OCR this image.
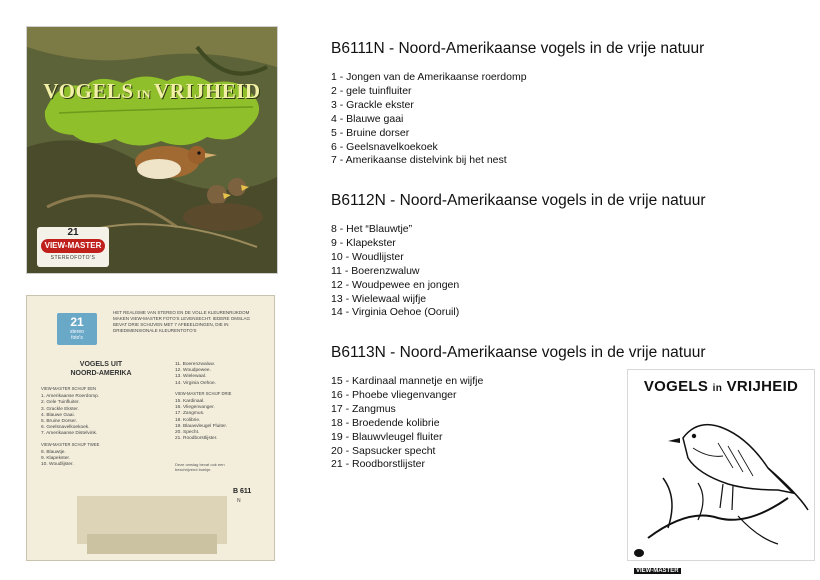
VOGELS IN VRIJHEID
21
VIEW-MASTER
STEREOFOTO'S
21
stereo
foto's
HET REALISME VAN STEREO EN DE VOLLE KLEURENRIJKDOM MAKEN VIEW-MASTER FOTO'S LEVENSECHT. IEDERE OMSLAG BEVAT DRIE SCHIJVEN MET 7 AFBEELDINGEN, DIE IN DRIEDIMENSIONALE KLEURENTOTO'S
VOGELS UIT
NOORD-AMERIKA
VIEW-MASTER SCHIJF EEN
1. Amerikaanse Roerdomp.
2. Gele Tuinfluiter.
3. Grackle Ekster.
4. Blauwe Gaai.
5. Bruine Dorser.
6. Geelsnavelkoekoek.
7. Amerikaanse Distelvink.
VIEW-MASTER SCHIJF TWEE
8. Blauwtje.
9. Klapekster.
10. Woudlijster.
11. Boerenzwaluw.
12. Woudpewee.
13. Wielewaal.
14. Virginia Oehoe.
VIEW-MASTER SCHIJF DRIE
15. Kardinaal.
16. Vliegenvanger.
17. Zangmus.
18. Kolibrie.
19. Blauwvleugel Fluiter.
20. Specht.
21. Roodborstlijster.
Deze omslag bevat ook een beschrijvend boekje.
B 611
N
B6111N - Noord-Amerikaanse vogels in de vrije natuur
1 - Jongen van de Amerikaanse roerdomp
2 - gele tuinfluiter
3 - Grackle ekster
4 - Blauwe gaai
5 - Bruine dorser
6 - Geelsnavelkoekoek
7 - Amerikaanse distelvink bij het nest
B6112N - Noord-Amerikaanse vogels in de vrije natuur
8 - Het “Blauwtje”
9 - Klapekster
10 - Woudlijster
11 - Boerenzwaluw
12 - Woudpewee en jongen
13 - Wielewaal wijfje
14 - Virginia Oehoe (Ooruil)
B6113N - Noord-Amerikaanse vogels in de vrije natuur
15 - Kardinaal mannetje en wijfje
16 - Phoebe vliegenvanger
17 - Zangmus
18 - Broedende kolibrie
19 - Blauwvleugel fluiter
20 - Sapsucker specht
21 - Roodborstlijster
VOGELS in VRIJHEID
VIEW-MASTER
